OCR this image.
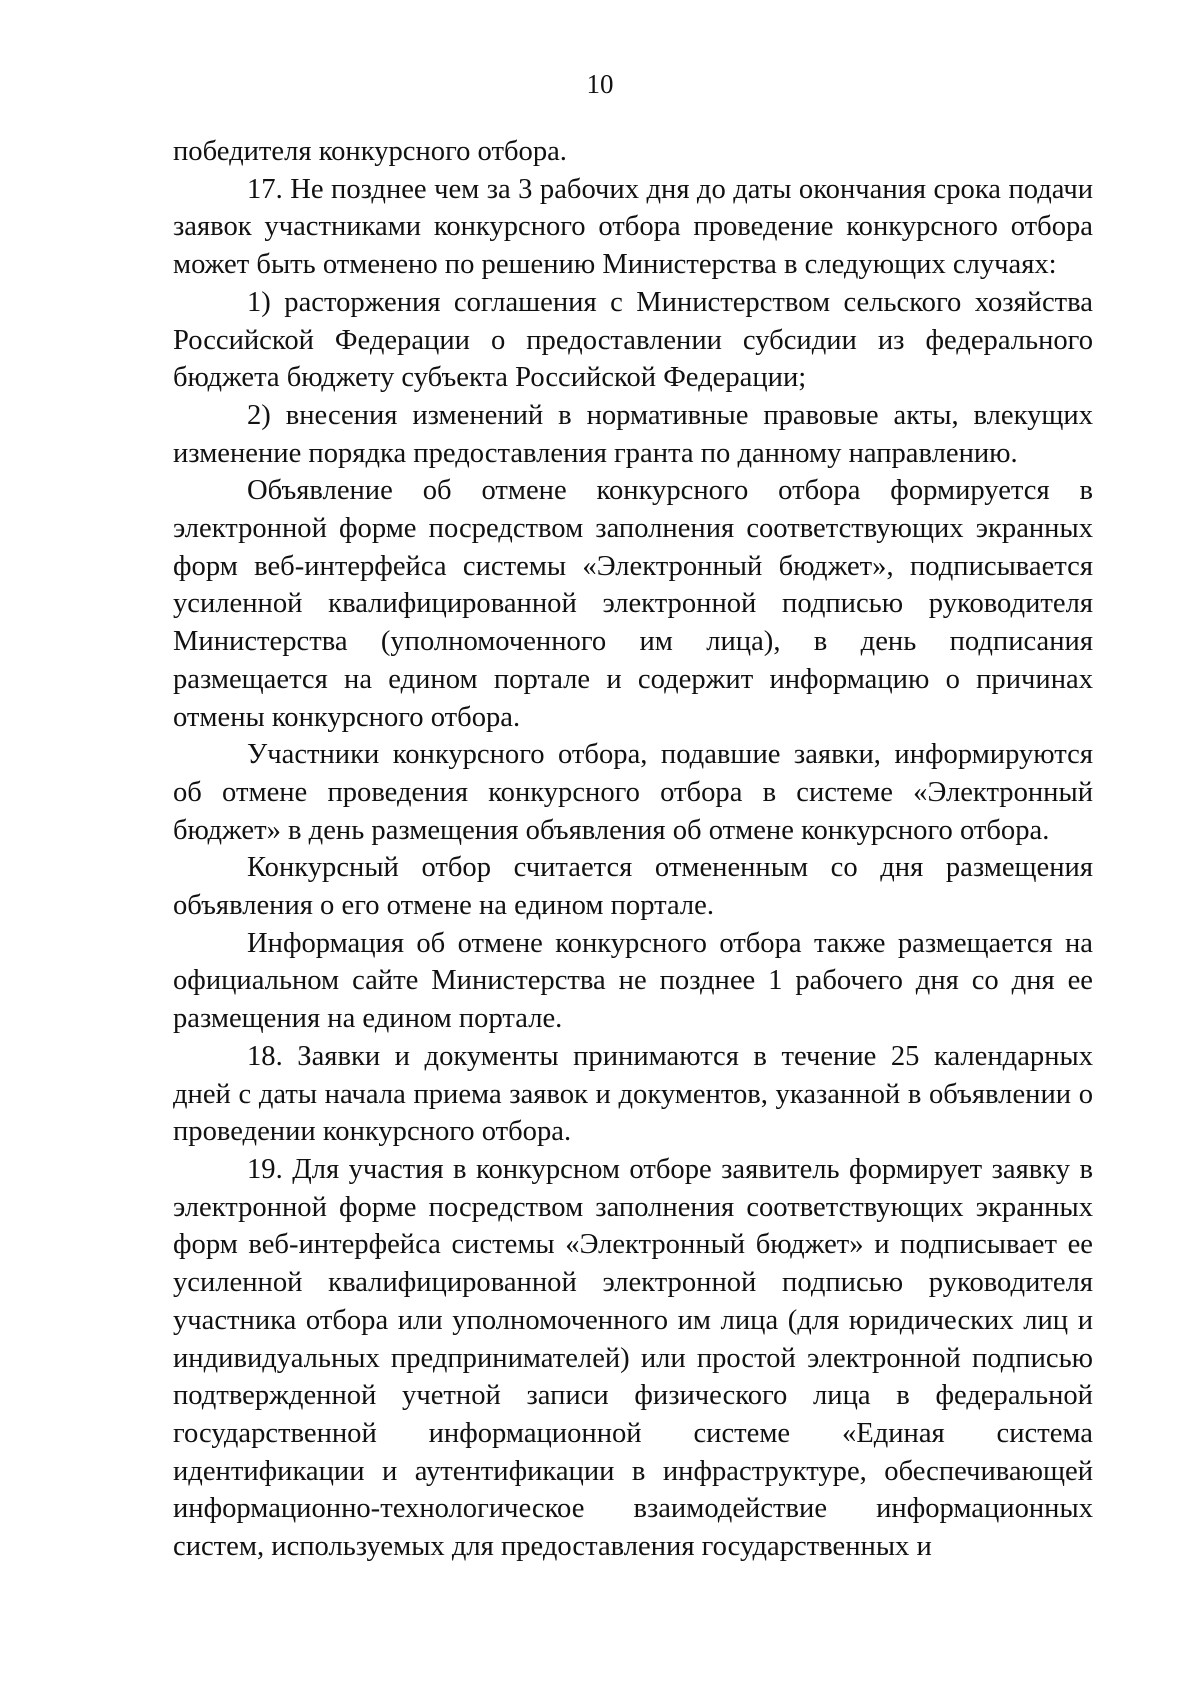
10

победителя конкурсного отбора.

17. Не позднее чем за 3 рабочих дня до даты окончания срока подачи заявок участниками конкурсного отбора проведение конкурсного отбора может быть отменено по решению Министерства в следующих случаях:

1) расторжения соглашения с Министерством сельского хозяйства Российской Федерации о предоставлении субсидии из федерального бюджета бюджету субъекта Российской Федерации;

2) внесения изменений в нормативные правовые акты, влекущих изменение порядка предоставления гранта по данному направлению.

Объявление об отмене конкурсного отбора формируется в электронной форме посредством заполнения соответствующих экранных форм веб-интерфейса системы «Электронный бюджет», подписывается усиленной квалифицированной электронной подписью руководителя Министерства (уполномоченного им лица), в день подписания размещается на едином портале и содержит информацию о причинах отмены конкурсного отбора.

Участники конкурсного отбора, подавшие заявки, информируются об отмене проведения конкурсного отбора в системе «Электронный бюджет» в день размещения объявления об отмене конкурсного отбора.

Конкурсный отбор считается отмененным со дня размещения объявления о его отмене на едином портале.

Информация об отмене конкурсного отбора также размещается на официальном сайте Министерства не позднее 1 рабочего дня со дня ее размещения на едином портале.

18. Заявки и документы принимаются в течение 25 календарных дней с даты начала приема заявок и документов, указанной в объявлении о проведении конкурсного отбора.

19. Для участия в конкурсном отборе заявитель формирует заявку в электронной форме посредством заполнения соответствующих экранных форм веб-интерфейса системы «Электронный бюджет» и подписывает ее усиленной квалифицированной электронной подписью руководителя участника отбора или уполномоченного им лица (для юридических лиц и индивидуальных предпринимателей) или простой электронной подписью подтвержденной учетной записи физического лица в федеральной государственной информационной системе «Единая система идентификации и аутентификации в инфраструктуре, обеспечивающей информационно-технологическое взаимодействие информационных систем, используемых для предоставления государственных и
